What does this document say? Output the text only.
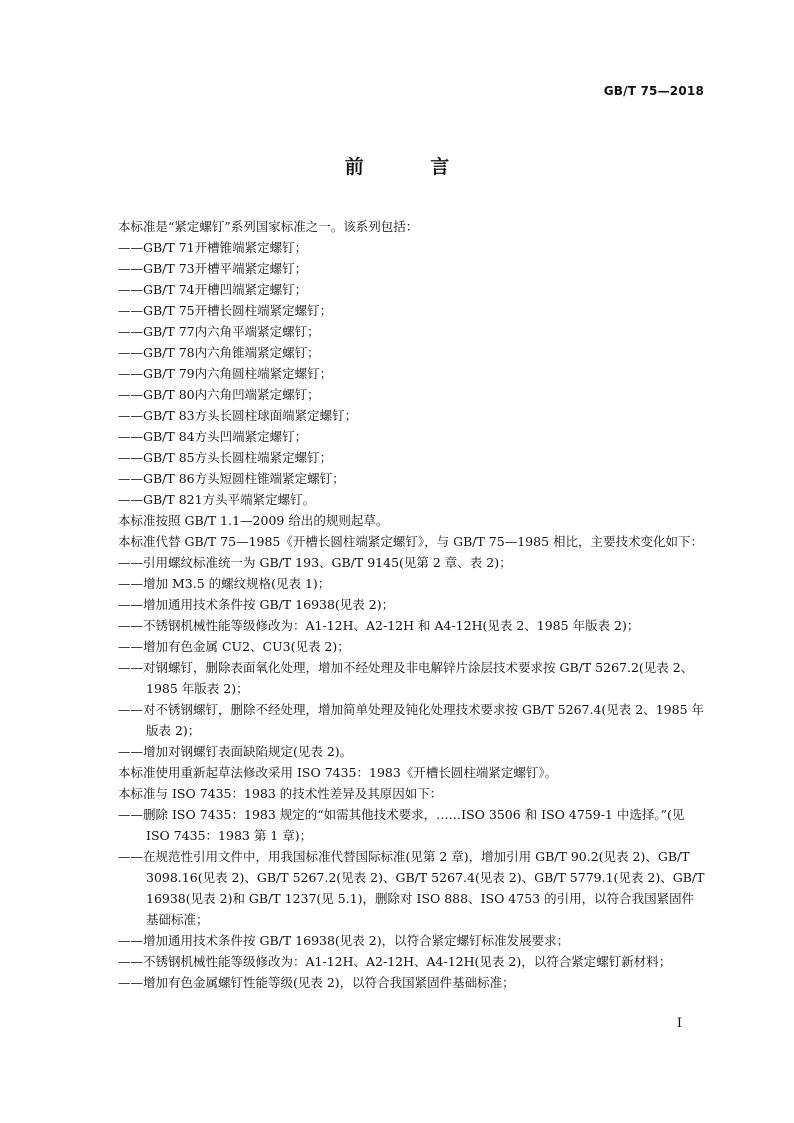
GB/T 75—2018
前 言

本标准是“紧定螺钉”系列国家标准之一。该系列包括：

——GB/T 71开槽锥端紧定螺钉；

——GB/T 73开槽平端紧定螺钉；

——GB/T 74开槽凹端紧定螺钉；

——GB/T 75开槽长圆柱端紧定螺钉；

——GB/T 77内六角平端紧定螺钉；

——GB/T 78内六角锥端紧定螺钉；

——GB/T 79内六角圆柱端紧定螺钉；

——GB/T 80内六角凹端紧定螺钉；

——GB/T 83方头长圆柱球面端紧定螺钉；

——GB/T 84方头凹端紧定螺钉；

——GB/T 85方头长圆柱端紧定螺钉；

——GB/T 86方头短圆柱锥端紧定螺钉；

——GB/T 821方头平端紧定螺钉。

本标准按照 GB/T 1.1—2009 给出的规则起草。

本标准代替 GB/T 75—1985《开槽长圆柱端紧定螺钉》，与 GB/T 75—1985 相比，主要技术变化如下：

——引用螺纹标准统一为 GB/T 193、GB/T 9145(见第 2 章、表 2)；

——增加 M3.5 的螺纹规格(见表 1)；

——增加通用技术条件按 GB/T 16938(见表 2)；

——不锈钢机械性能等级修改为：A1-12H、A2-12H 和 A4-12H(见表 2、1985 年版表 2)；

——增加有色金属 CU2、CU3(见表 2)；

——对钢螺钉，删除表面氧化处理，增加不经处理及非电解锌片涂层技术要求按 GB/T 5267.2(见表 2、1985 年版表 2)；

——对不锈钢螺钉，删除不经处理，增加简单处理及钝化处理技术要求按 GB/T 5267.4(见表 2、1985 年版表 2)；

——增加对钢螺钉表面缺陷规定(见表 2)。

本标准使用重新起草法修改采用 ISO 7435：1983《开槽长圆柱端紧定螺钉》。

本标准与 ISO 7435：1983 的技术性差异及其原因如下：

——删除 ISO 7435：1983 规定的“如需其他技术要求，……ISO 3506 和 ISO 4759-1 中选择。”(见 ISO 7435：1983 第 1 章)；

——在规范性引用文件中，用我国标准代替国际标准(见第 2 章)，增加引用 GB/T 90.2(见表 2)、GB/T 3098.16(见表 2)、GB/T 5267.2(见表 2)、GB/T 5267.4(见表 2)、GB/T 5779.1(见表 2)、GB/T 16938(见表 2)和 GB/T 1237(见 5.1)，删除对 ISO 888、ISO 4753 的引用，以符合我国紧固件基础标准；

——增加通用技术条件按 GB/T 16938(见表 2)，以符合紧定螺钉标准发展要求；

——不锈钢机械性能等级修改为：A1-12H、A2-12H、A4-12H(见表 2)，以符合紧定螺钉新材料；

——增加有色金属螺钉性能等级(见表 2)，以符合我国紧固件基础标准；

I
